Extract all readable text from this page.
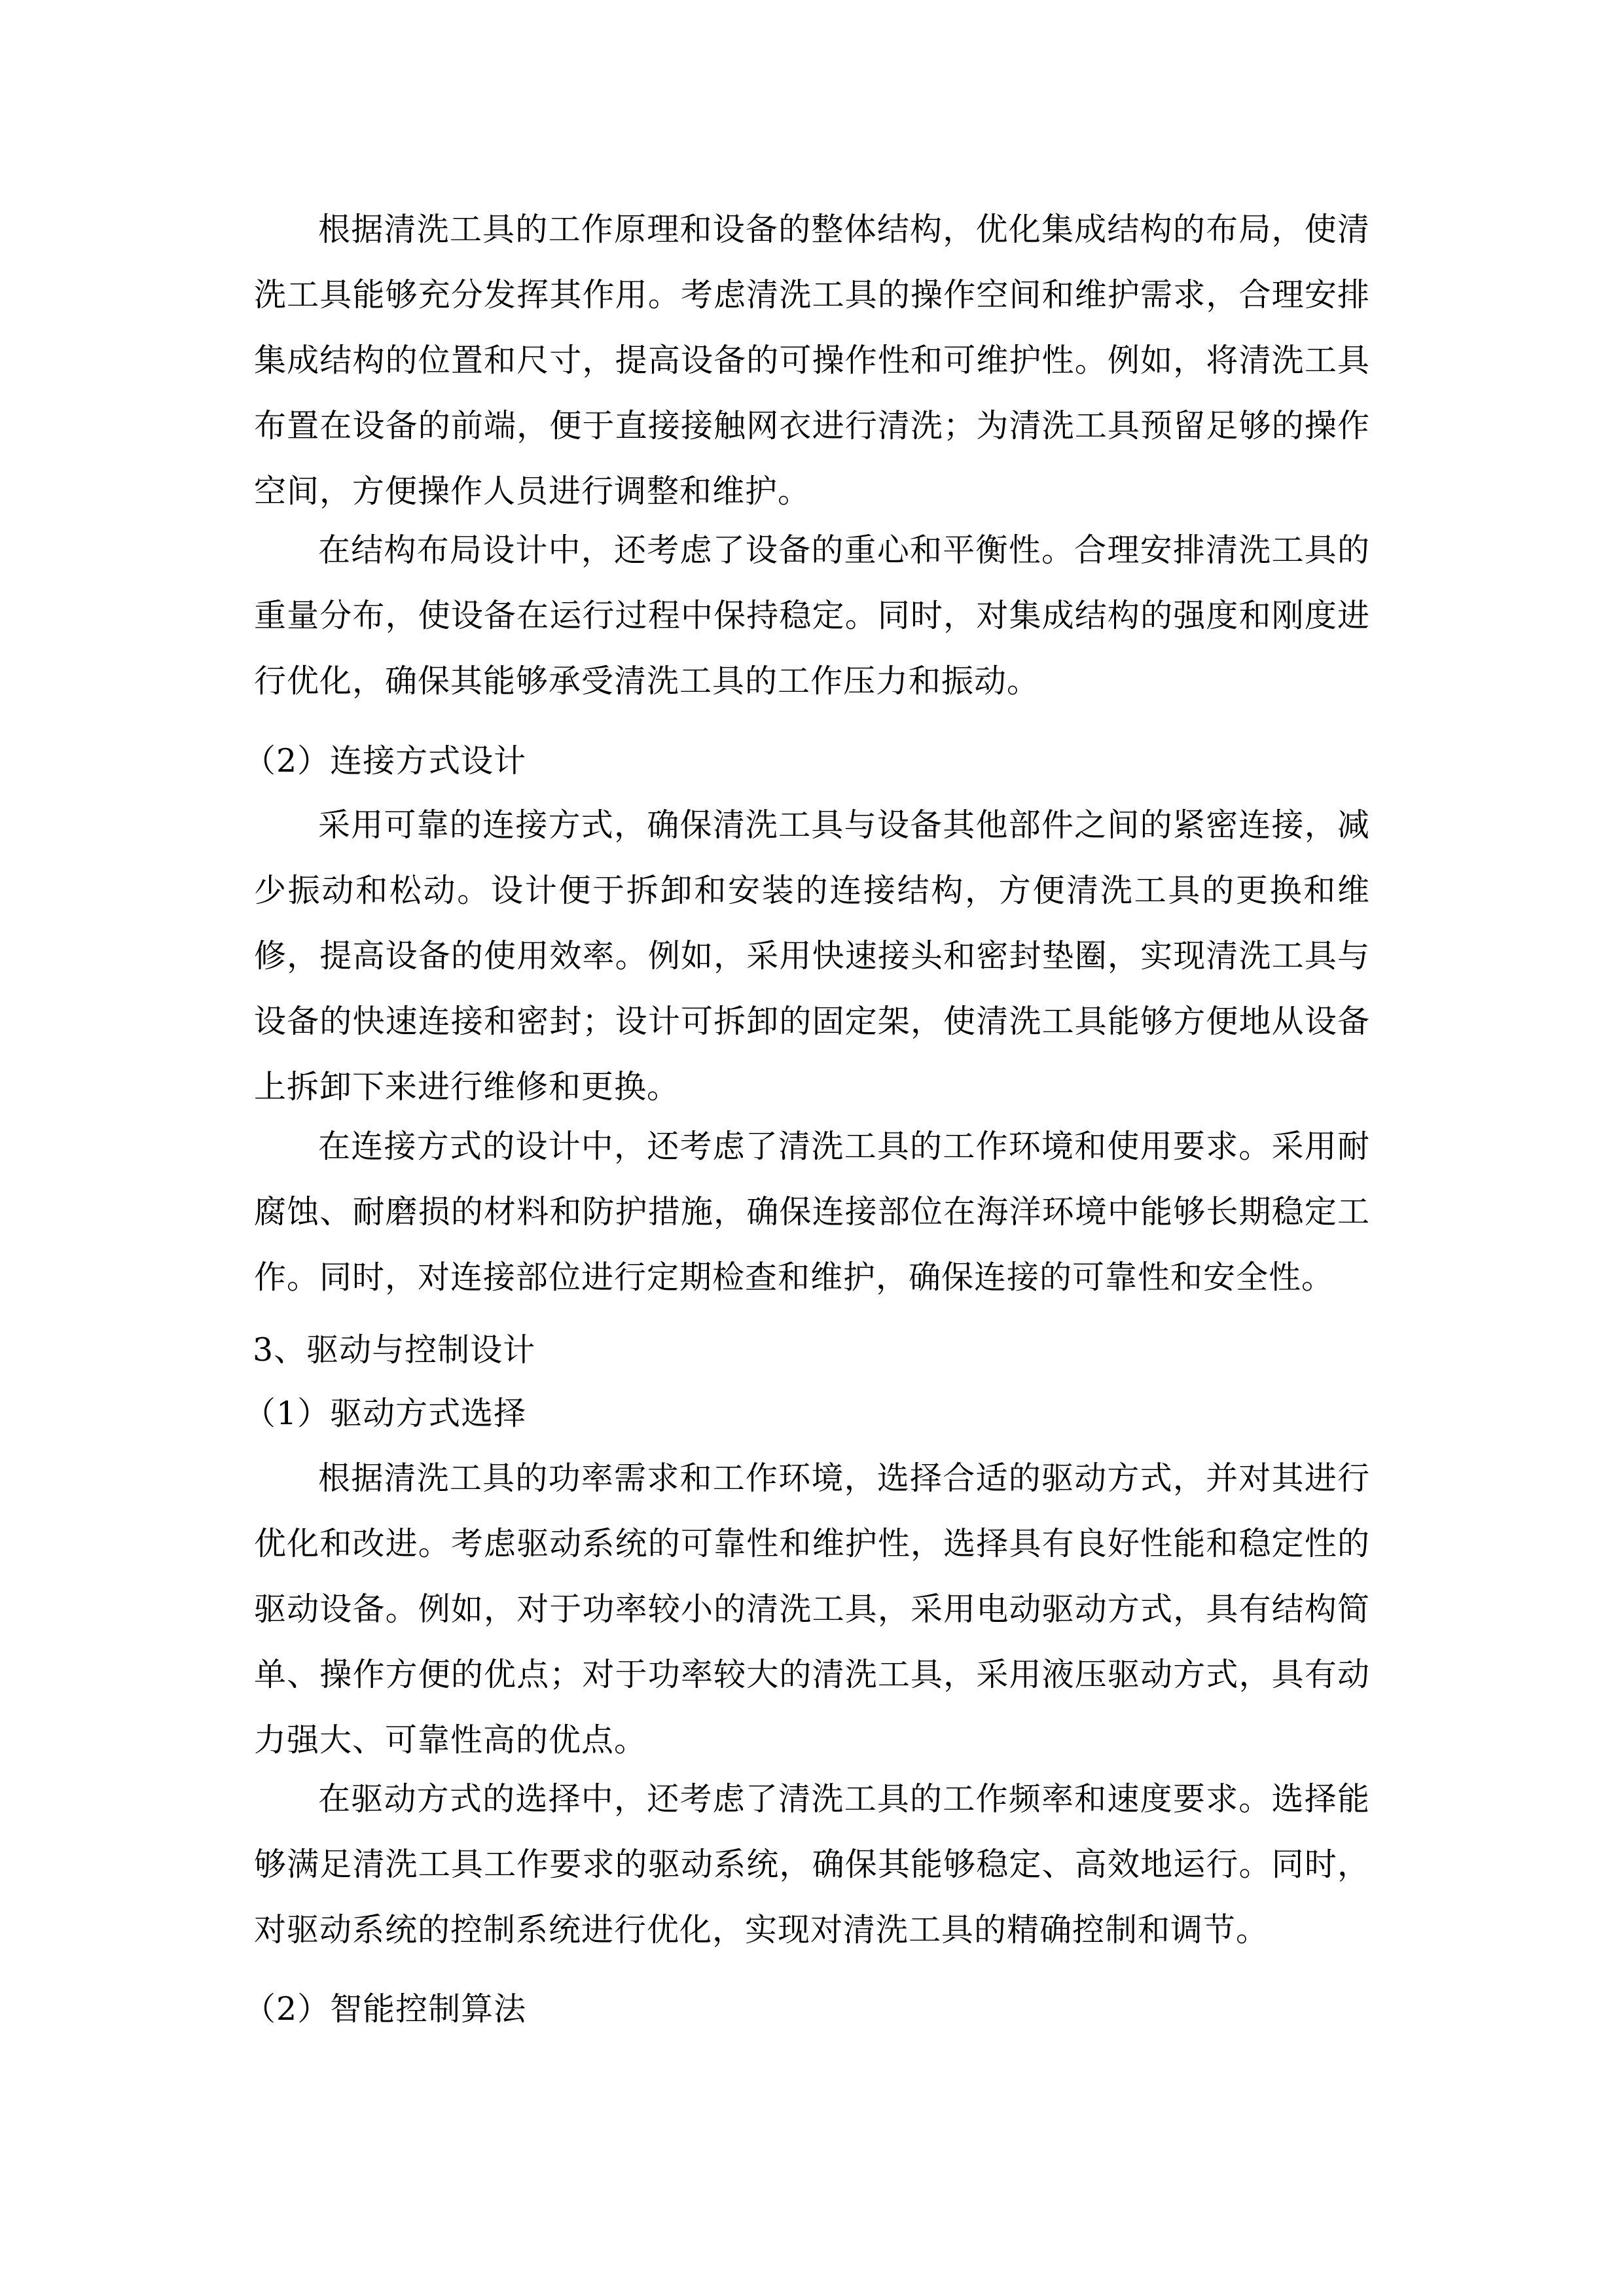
根据清洗工具的工作原理和设备的整体结构，优化集成结构的布局，使清洗工具能够充分发挥其作用。考虑清洗工具的操作空间和维护需求，合理安排集成结构的位置和尺寸，提高设备的可操作性和可维护性。例如，将清洗工具布置在设备的前端，便于直接接触网衣进行清洗；为清洗工具预留足够的操作空间，方便操作人员进行调整和维护。

在结构布局设计中，还考虑了设备的重心和平衡性。合理安排清洗工具的重量分布，使设备在运行过程中保持稳定。同时，对集成结构的强度和刚度进行优化，确保其能够承受清洗工具的工作压力和振动。

（2）连接方式设计

采用可靠的连接方式，确保清洗工具与设备其他部件之间的紧密连接，减少振动和松动。设计便于拆卸和安装的连接结构，方便清洗工具的更换和维修，提高设备的使用效率。例如，采用快速接头和密封垫圈，实现清洗工具与设备的快速连接和密封；设计可拆卸的固定架，使清洗工具能够方便地从设备上拆卸下来进行维修和更换。

在连接方式的设计中，还考虑了清洗工具的工作环境和使用要求。采用耐腐蚀、耐磨损的材料和防护措施，确保连接部位在海洋环境中能够长期稳定工作。同时，对连接部位进行定期检查和维护，确保连接的可靠性和安全性。

3、驱动与控制设计
（1）驱动方式选择

根据清洗工具的功率需求和工作环境，选择合适的驱动方式，并对其进行优化和改进。考虑驱动系统的可靠性和维护性，选择具有良好性能和稳定性的驱动设备。例如，对于功率较小的清洗工具，采用电动驱动方式，具有结构简单、操作方便的优点；对于功率较大的清洗工具，采用液压驱动方式，具有动力强大、可靠性高的优点。

在驱动方式的选择中，还考虑了清洗工具的工作频率和速度要求。选择能够满足清洗工具工作要求的驱动系统，确保其能够稳定、高效地运行。同时，对驱动系统的控制系统进行优化，实现对清洗工具的精确控制和调节。

（2）智能控制算法
